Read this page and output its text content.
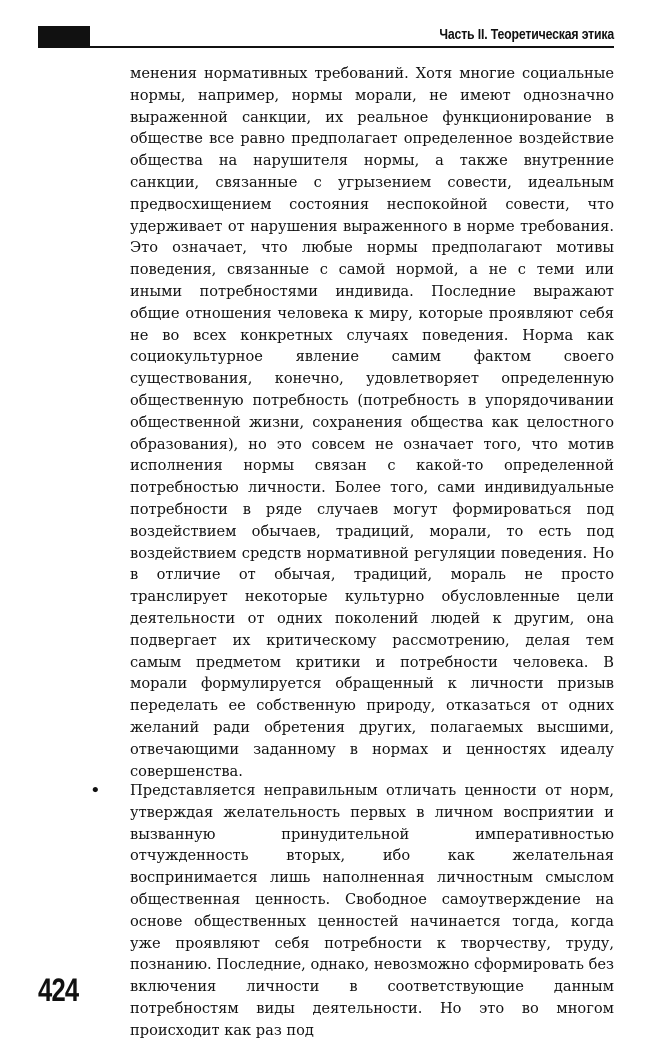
Часть II. Теоретическая этика
менения нормативных требований. Хотя многие социальные нормы, например, нормы морали, не имеют однозначно выраженной санкции, их реальное функционирование в обществе все равно предполагает определенное воздействие общества на нарушителя нормы, а также внутренние санкции, связанные с угрызением совести, идеальным предвосхищением состояния неспокойной совести, что удерживает от нарушения выраженного в норме требования. Это означает, что любые нормы предполагают мотивы поведения, связанные с самой нормой, а не с теми или иными потребностями индивида. Последние выражают общие отношения человека к миру, которые проявляют себя не во всех конкретных случаях поведения. Норма как социокультурное явление самим фактом своего существования, конечно, удовлетворяет определенную общественную потребность (потребность в упорядочивании общественной жизни, сохранения общества как целостного образования), но это совсем не означает того, что мотив исполнения нормы связан с какой-то определенной потребностью личности. Более того, сами индивидуальные потребности в ряде случаев могут формироваться под воздействием обычаев, традиций, морали, то есть под воздействием средств нормативной регуляции поведения. Но в отличие от обычая, традиций, мораль не просто транслирует некоторые культурно обусловленные цели деятельности от одних поколений людей к другим, она подвергает их критическому рассмотрению, делая тем самым предметом критики и потребности человека. В морали формулируется обращенный к личности призыв переделать ее собственную природу, отказаться от одних желаний ради обретения других, полагаемых высшими, отвечающими заданному в нормах и ценностях идеалу совершенства.
• Представляется неправильным отличать ценности от норм, утверждая желательность первых в личном восприятии и вызванную принудительной императивностью отчужденность вторых, ибо как желательная воспринимается лишь наполненная личностным смыслом общественная ценность. Свободное самоутверждение на основе общественных ценностей начинается тогда, когда уже проявляют себя потребности к творчеству, труду, познанию. Последние, однако, невозможно сформировать без включения личности в соответствующие данным потребностям виды деятельности. Но это во многом происходит как раз под
424
